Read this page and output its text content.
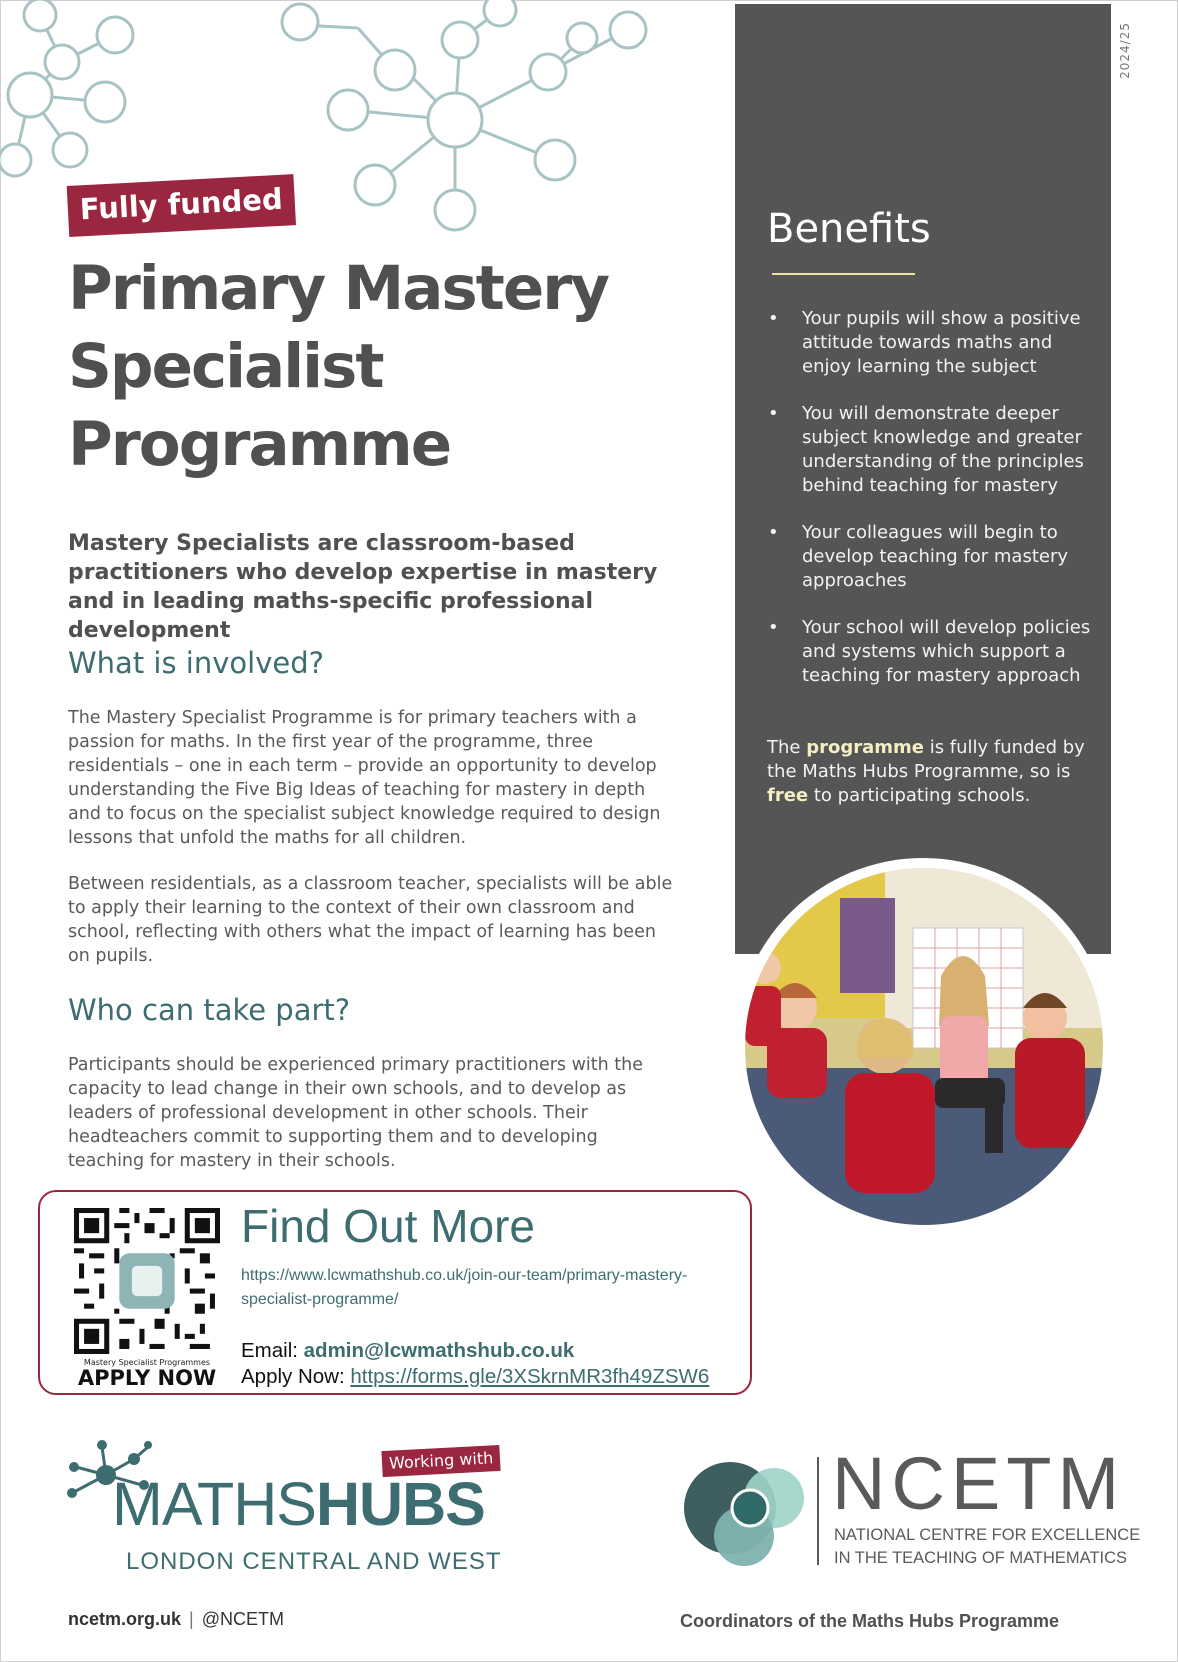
2024/25
Fully funded
Primary Mastery
Specialist
Programme
Mastery Specialists are classroom-based practitioners who develop expertise in mastery and in leading maths-specific professional development
What is involved?
The Mastery Specialist Programme is for primary teachers with a passion for maths. In the first year of the programme, three residentials – one in each term – provide an opportunity to develop understanding the Five Big Ideas of teaching for mastery in depth and to focus on the specialist subject knowledge required to design lessons that unfold the maths for all children.
Between residentials, as a classroom teacher, specialists will be able to apply their learning to the context of their own classroom and school, reflecting with others what the impact of learning has been on pupils.
Who can take part?
Participants should be experienced primary practitioners with the capacity to lead change in their own schools, and to develop as leaders of professional development in other schools. Their headteachers commit to supporting them and to developing teaching for mastery in their schools.
Benefits
• Your pupils will show a positive attitude towards maths and enjoy learning the subject
• You will demonstrate deeper subject knowledge and greater understanding of the principles behind teaching for mastery
• Your colleagues will begin to develop teaching for mastery approaches
• Your school will develop policies and systems which support a teaching for mastery approach
The programme is fully funded by the Maths Hubs Programme, so is free to participating schools.
Mastery Specialist Programmes
APPLY NOW
Find Out More
https://www.lcwmathshub.co.uk/join-our-team/primary-mastery-specialist-programme/
Email: admin@lcwmathshub.co.uk
Apply Now: https://forms.gle/3XSkrnMR3fh49ZSW6
Working with
MATHSHUBS
LONDON CENTRAL AND WEST
NCETM
NATIONAL CENTRE FOR EXCELLENCE
IN THE TEACHING OF MATHEMATICS
ncetm.org.uk | @NCETM	Coordinators of the Maths Hubs Programme
